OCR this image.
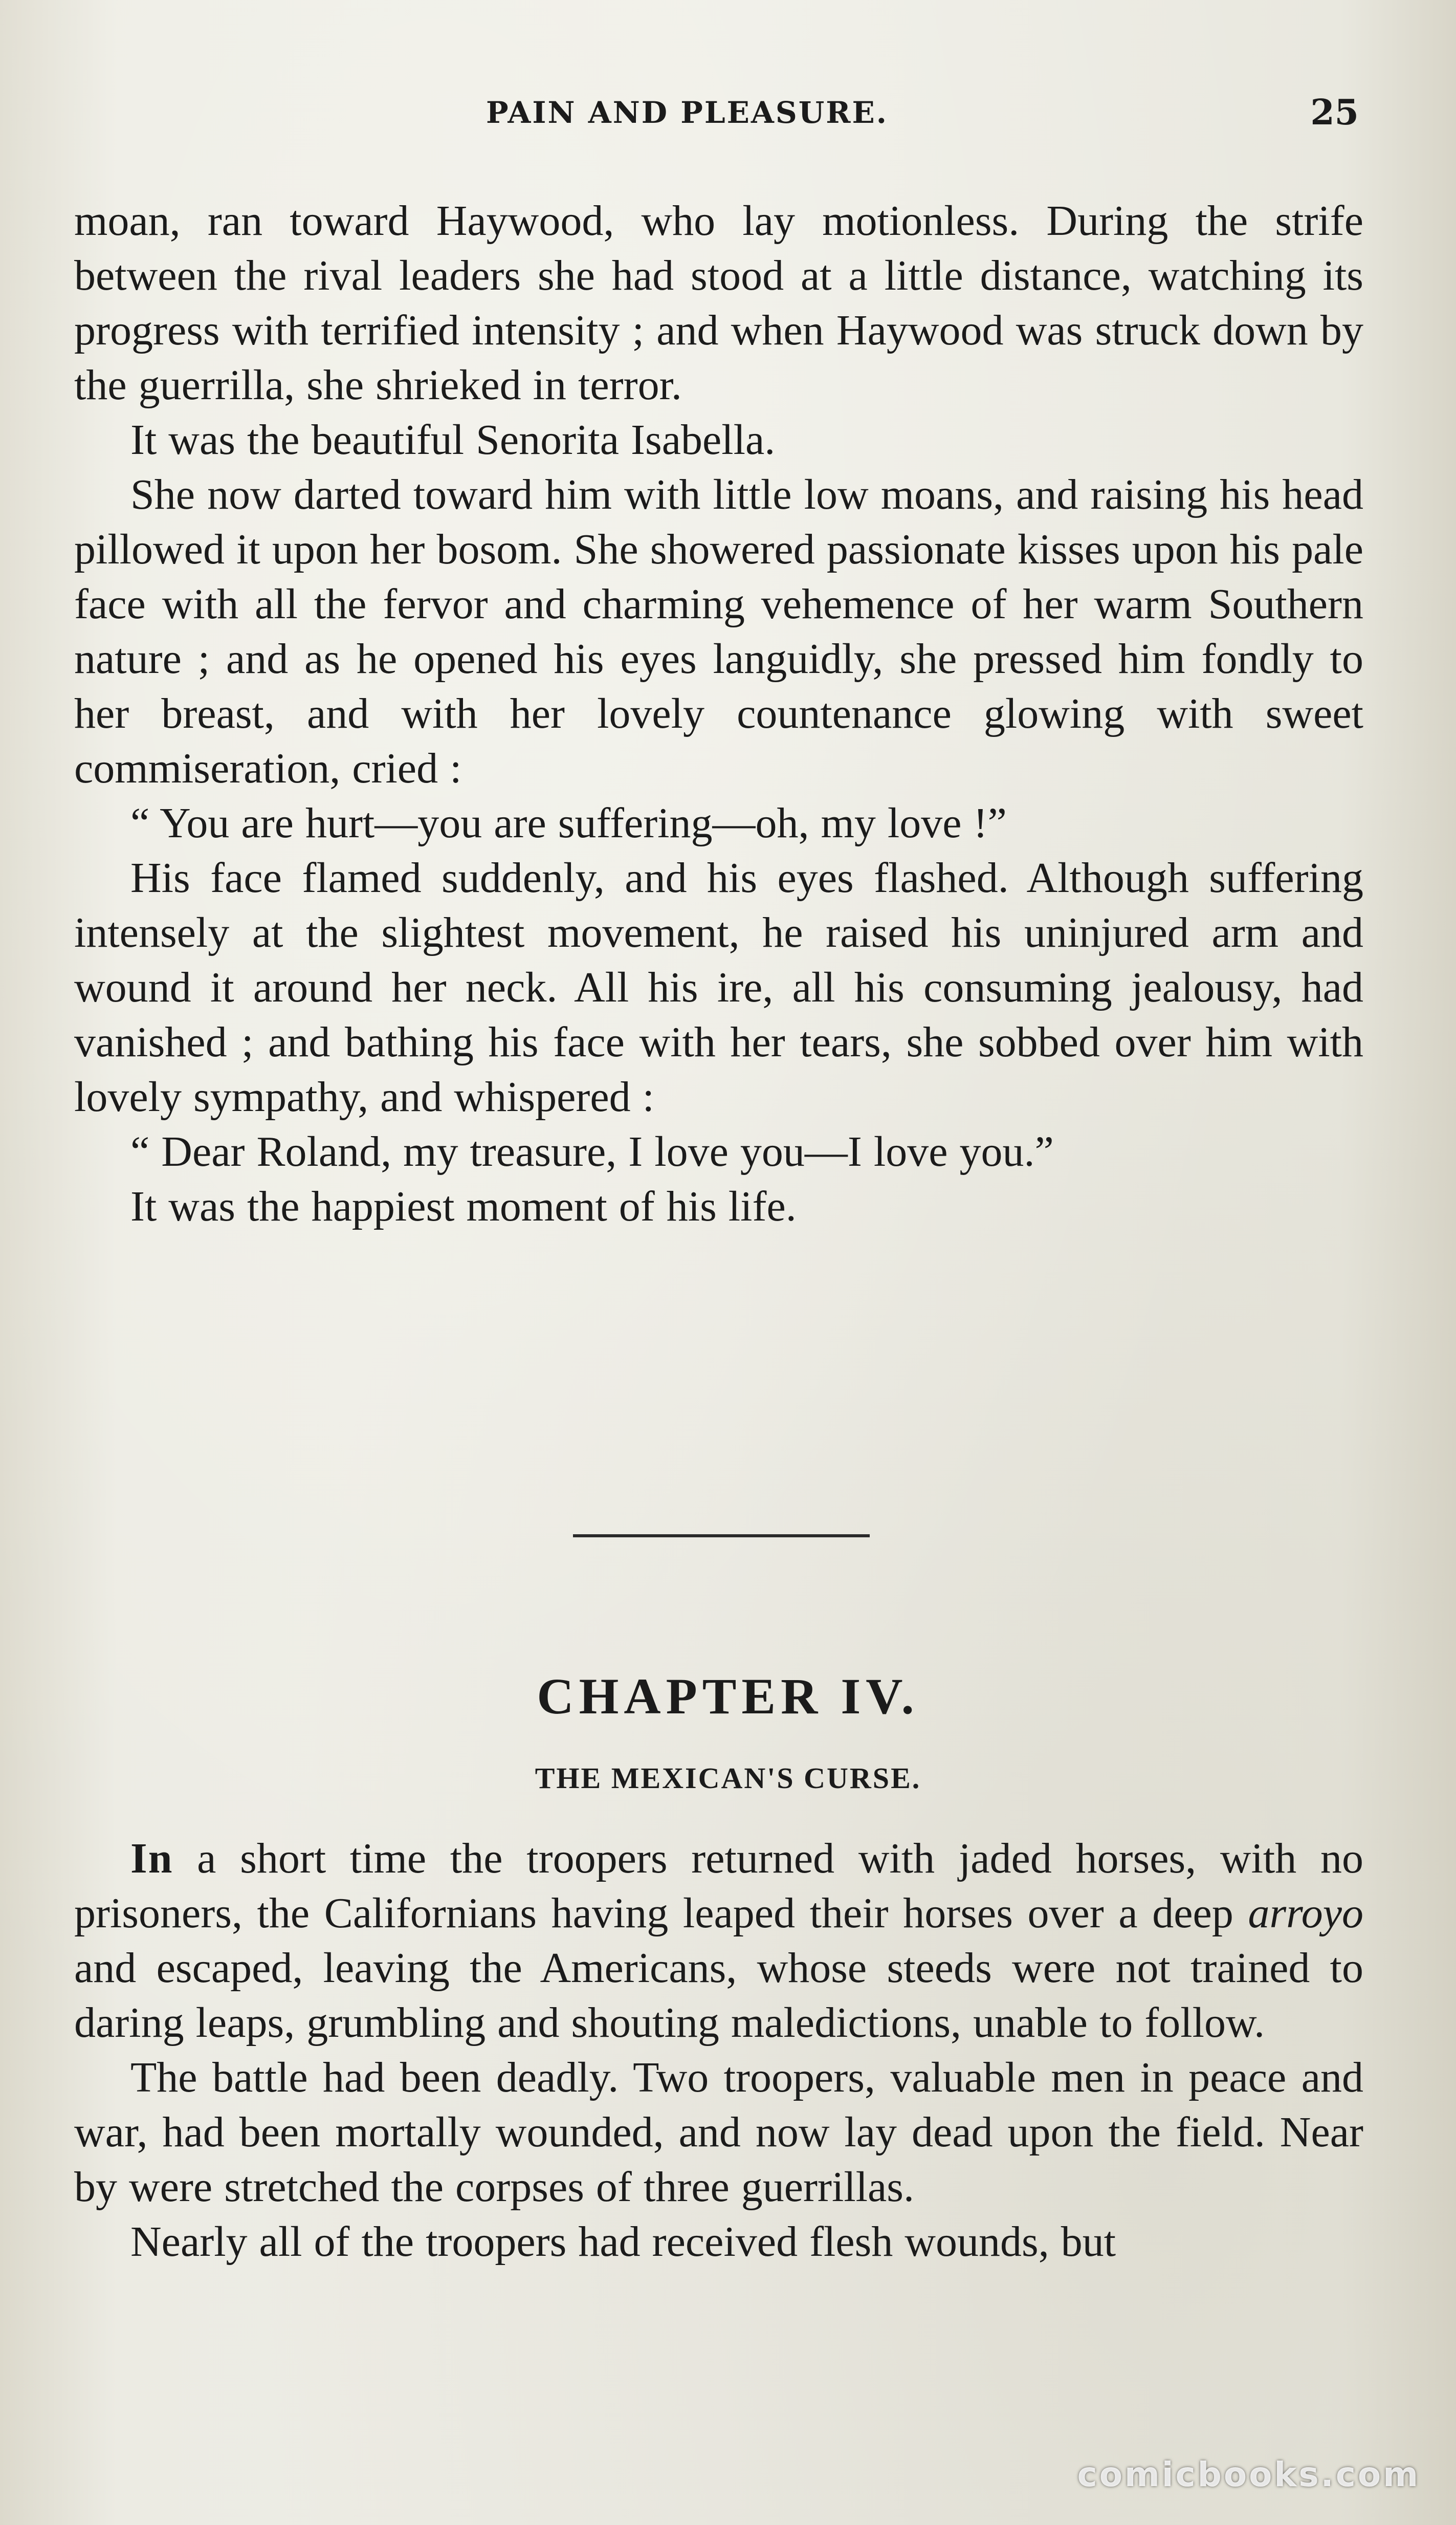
PAIN AND PLEASURE.	25

moan, ran toward Haywood, who lay motionless. During the strife between the rival leaders she had stood at a little distance, watching its progress with terrified intensity ; and when Haywood was struck down by the guerrilla, she shrieked in terror.

It was the beautiful Senorita Isabella.

She now darted toward him with little low moans, and raising his head pillowed it upon her bosom. She showered passionate kisses upon his pale face with all the fervor and charming vehemence of her warm Southern nature ; and as he opened his eyes languidly, she pressed him fondly to her breast, and with her lovely countenance glowing with sweet commiseration, cried :

“ You are hurt—you are suffering—oh, my love !”

His face flamed suddenly, and his eyes flashed. Although suffering intensely at the slightest movement, he raised his uninjured arm and wound it around her neck. All his ire, all his consuming jealousy, had vanished ; and bathing his face with her tears, she sobbed over him with lovely sympathy, and whispered :

“ Dear Roland, my treasure, I love you—I love you.”

It was the happiest moment of his life.

CHAPTER IV.
THE MEXICAN'S CURSE.

In a short time the troopers returned with jaded horses, with no prisoners, the Californians having leaped their horses over a deep arroyo and escaped, leaving the Americans, whose steeds were not trained to daring leaps, grumbling and shouting maledictions, unable to follow.

The battle had been deadly. Two troopers, valuable men in peace and war, had been mortally wounded, and now lay dead upon the field. Near by were stretched the corpses of three guerrillas.

Nearly all of the troopers had received flesh wounds, but

comicbooks.com
